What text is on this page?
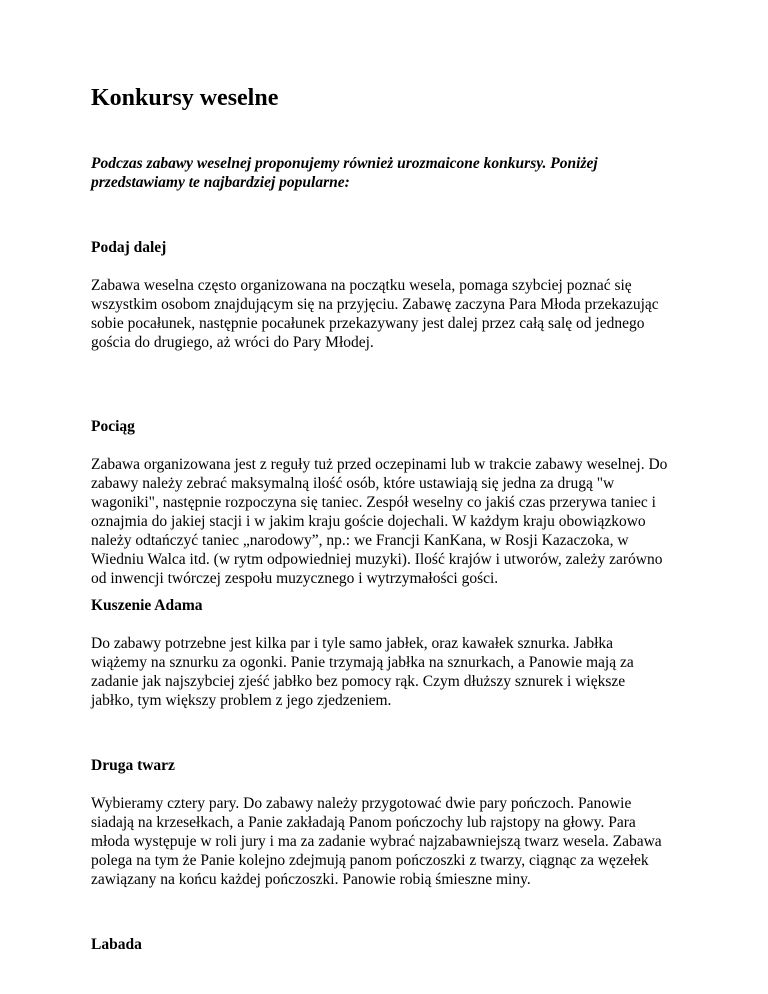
Konkursy weselne

Podczas zabawy weselnej proponujemy również urozmaicone konkursy. Poniżej przedstawiamy te najbardziej popularne:

Podaj dalej

Zabawa weselna często organizowana na początku wesela, pomaga szybciej poznać się wszystkim osobom znajdującym się na przyjęciu. Zabawę zaczyna Para Młoda przekazując sobie pocałunek, następnie pocałunek przekazywany jest dalej przez całą salę od jednego gościa do drugiego, aż wróci do Pary Młodej.

Pociąg

Zabawa organizowana jest z reguły tuż przed oczepinami lub w trakcie zabawy weselnej. Do zabawy należy zebrać maksymalną ilość osób, które ustawiają się jedna za drugą "w wagoniki", następnie rozpoczyna się taniec. Zespół weselny co jakiś czas przerywa taniec i oznajmia do jakiej stacji i w jakim kraju goście dojechali. W każdym kraju obowiązkowo należy odtańczyć taniec „narodowy”, np.: we Francji KanKana, w Rosji Kazaczoka, w Wiedniu Walca itd. (w rytm odpowiedniej muzyki). Ilość krajów i utworów, zależy zarówno od inwencji twórczej zespołu muzycznego i wytrzymałości gości.

Kuszenie Adama

Do zabawy potrzebne jest kilka par i tyle samo jabłek, oraz kawałek sznurka. Jabłka wiążemy na sznurku za ogonki. Panie trzymają jabłka na sznurkach, a Panowie mają za zadanie jak najszybciej zjeść jabłko bez pomocy rąk. Czym dłuższy sznurek i większe jabłko, tym większy problem z jego zjedzeniem.

Druga twarz

Wybieramy cztery pary. Do zabawy należy przygotować dwie pary pończoch. Panowie siadają na krzesełkach, a Panie zakładają Panom pończochy lub rajstopy na głowy. Para młoda występuje w roli jury i ma za zadanie wybrać najzabawniejszą twarz wesela. Zabawa polega na tym że Panie kolejno zdejmują panom pończoszki z twarzy, ciągnąc za węzełek zawiązany na końcu każdej pończoszki. Panowie robią śmieszne miny.

Labada
